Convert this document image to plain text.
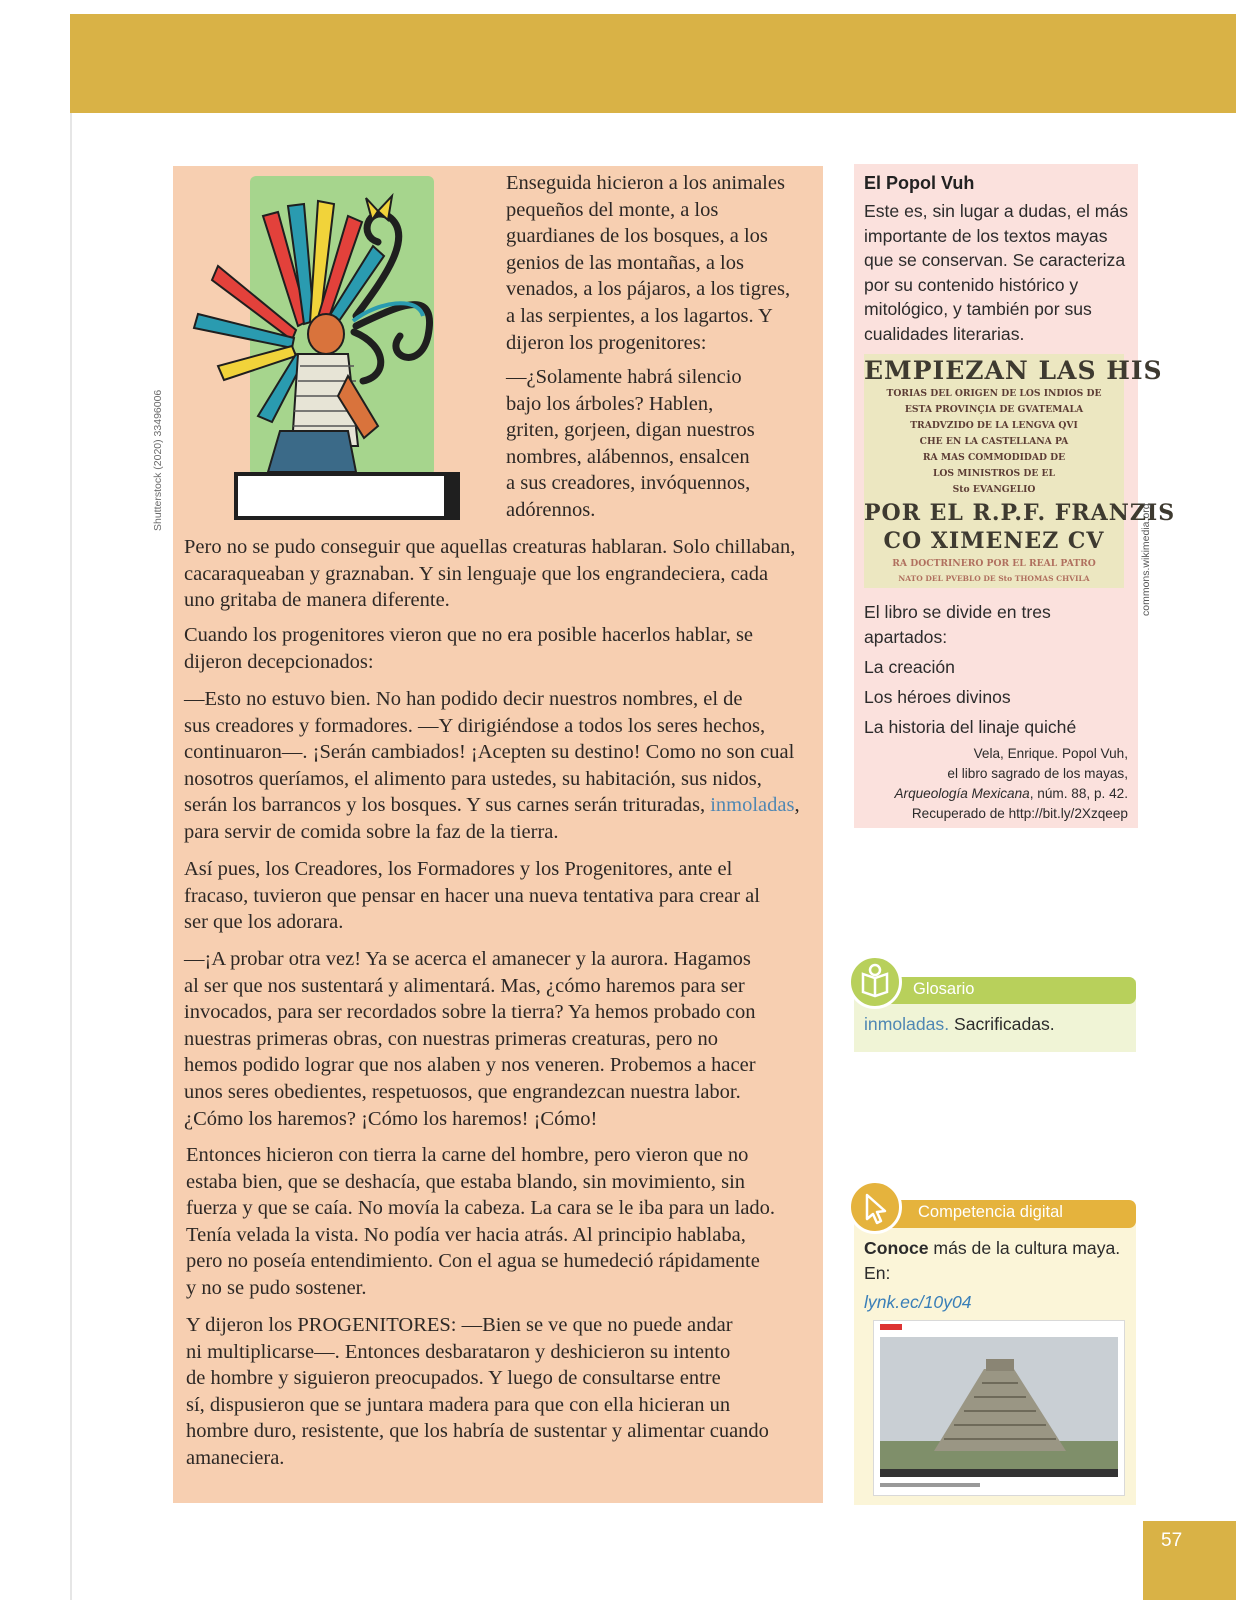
Shutterstock (2020) 33496006
Enseguida hicieron a los animales
pequeños del monte, a los
guardianes de los bosques, a los
genios de las montañas, a los
venados, a los pájaros, a los tigres,
a las serpientes, a los lagartos. Y
dijeron los progenitores:
—¿Solamente habrá silencio
bajo los árboles? Hablen,
griten, gorjeen, digan nuestros
nombres, alábennos, ensalcen
a sus creadores, invóquennos,
adórennos.
Pero no se pudo conseguir que aquellas creaturas hablaran. Solo chillaban,
cacaraqueaban y graznaban. Y sin lenguaje que los engrandeciera, cada
uno gritaba de manera diferente.
Cuando los progenitores vieron que no era posible hacerlos hablar, se
dijeron decepcionados:
—Esto no estuvo bien. No han podido decir nuestros nombres, el de
sus creadores y formadores. —Y dirigiéndose a todos los seres hechos,
continuaron—. ¡Serán cambiados! ¡Acepten su destino! Como no son cual
nosotros queríamos, el alimento para ustedes, su habitación, sus nidos,
serán los barrancos y los bosques. Y sus carnes serán trituradas, inmoladas,
para servir de comida sobre la faz de la tierra.
Así pues, los Creadores, los Formadores y los Progenitores, ante el
fracaso, tuvieron que pensar en hacer una nueva tentativa para crear al
ser que los adorara.
—¡A probar otra vez! Ya se acerca el amanecer y la aurora. Hagamos
al ser que nos sustentará y alimentará. Mas, ¿cómo haremos para ser
invocados, para ser recordados sobre la tierra? Ya hemos probado con
nuestras primeras obras, con nuestras primeras creaturas, pero no
hemos podido lograr que nos alaben y nos veneren. Probemos a hacer
unos seres obedientes, respetuosos, que engrandezcan nuestra labor.
¿Cómo los haremos? ¡Cómo los haremos! ¡Cómo!
Entonces hicieron con tierra la carne del hombre, pero vieron que no
estaba bien, que se deshacía, que estaba blando, sin movimiento, sin
fuerza y que se caía. No movía la cabeza. La cara se le iba para un lado.
Tenía velada la vista. No podía ver hacia atrás. Al principio hablaba,
pero no poseía entendimiento. Con el agua se humedeció rápidamente
y no se pudo sostener.
Y dijeron los PROGENITORES: —Bien se ve que no puede andar
ni multiplicarse—. Entonces desbarataron y deshicieron su intento
de hombre y siguieron preocupados. Y luego de consultarse entre
sí, dispusieron que se juntara madera para que con ella hicieran un
hombre duro, resistente, que los habría de sustentar y alimentar cuando
amaneciera.
El Popol Vuh
Este es, sin lugar a dudas, el más
importante de los textos mayas
que se conservan. Se caracteriza
por su contenido histórico y
mitológico, y también por sus
cualidades literarias.
EMPIEZAN LAS HIS
TORIAS DEL ORIGEN DE LOS INDIOS DE
ESTA PROVINÇIA DE GVATEMALA
TRADVZIDO DE LA LENGVA QVI
CHE EN LA CASTELLANA PA
RA MAS COMMODIDAD DE
LOS MINISTROS DE EL
Sto EVANGELIO
POR EL R.P.F. FRANZIS
CO XIMENEZ CV
RA DOCTRINERO POR EL REAL PATRO
NATO DEL PVEBLO DE Sto THOMAS CHVILA	commons.wikimedia.org
El libro se divide en tres
apartados:
La creación
Los héroes divinos
La historia del linaje quiché
Vela, Enrique. Popol Vuh,
el libro sagrado de los mayas,
Arqueología Mexicana, núm. 88, p. 42.
Recuperado de http://bit.ly/2Xzqeep
Glosario
inmoladas. Sacrificadas.
Competencia digital
Conoce más de la cultura maya.
En:
lynk.ec/10y04
57
